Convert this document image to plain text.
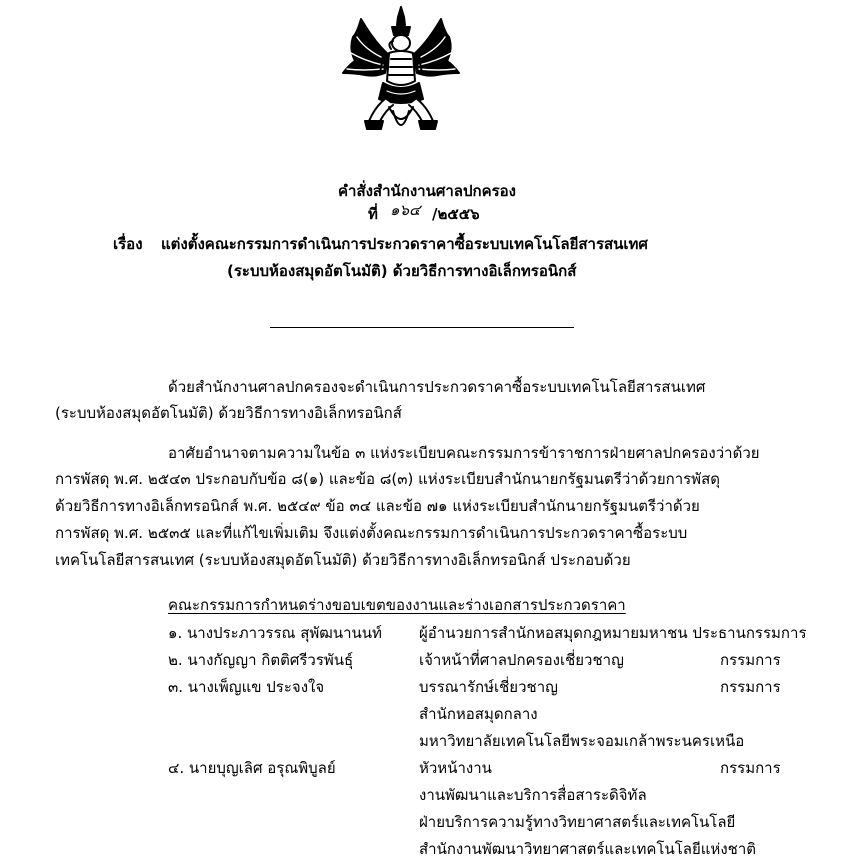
คำสั่งสำนักงานศาลปกครอง
ที่ ๑๖๔ /๒๕๕๖
เรื่อง แต่งตั้งคณะกรรมการดำเนินการประกวดราคาซื้อระบบเทคโนโลยีสารสนเทศ
(ระบบห้องสมุดอัตโนมัติ) ด้วยวิธีการทางอิเล็กทรอนิกส์
ด้วยสำนักงานศาลปกครองจะดำเนินการประกวดราคาซื้อระบบเทคโนโลยีสารสนเทศ
(ระบบห้องสมุดอัตโนมัติ) ด้วยวิธีการทางอิเล็กทรอนิกส์
อาศัยอำนาจตามความในข้อ ๓ แห่งระเบียบคณะกรรมการข้าราชการฝ่ายศาลปกครองว่าด้วย
การพัสดุ พ.ศ. ๒๕๔๓ ประกอบกับข้อ ๘(๑) และข้อ ๘(๓) แห่งระเบียบสำนักนายกรัฐมนตรีว่าด้วยการพัสดุ
ด้วยวิธีการทางอิเล็กทรอนิกส์ พ.ศ. ๒๕๔๙ ข้อ ๓๔ และข้อ ๗๑ แห่งระเบียบสำนักนายกรัฐมนตรีว่าด้วย
การพัสดุ พ.ศ. ๒๕๓๕ และที่แก้ไขเพิ่มเติม จึงแต่งตั้งคณะกรรมการดำเนินการประกวดราคาซื้อระบบ
เทคโนโลยีสารสนเทศ (ระบบห้องสมุดอัตโนมัติ) ด้วยวิธีการทางอิเล็กทรอนิกส์ ประกอบด้วย
คณะกรรมการกำหนดร่างขอบเขตของงานและร่างเอกสารประกวดราคา
๑. นางประภาวรรณ สุพัฒนานนท์ ผู้อำนวยการสำนักหอสมุดกฎหมายมหาชน ประธานกรรมการ
๒. นางกัญญา กิตติศรีวรพันธุ์	เจ้าหน้าที่ศาลปกครองเชี่ยวชาญ	กรรมการ
๓. นางเพ็ญแข ประจงใจ	บรรณารักษ์เชี่ยวชาญ	กรรมการ
สำนักหอสมุดกลาง
มหาวิทยาลัยเทคโนโลยีพระจอมเกล้าพระนครเหนือ
๔. นายบุญเลิศ อรุณพิบูลย์	หัวหน้างาน	กรรมการ
งานพัฒนาและบริการสื่อสาระดิจิทัล
ฝ่ายบริการความรู้ทางวิทยาศาสตร์และเทคโนโลยี
สำนักงานพัฒนาวิทยาศาสตร์และเทคโนโลยีแห่งชาติ
